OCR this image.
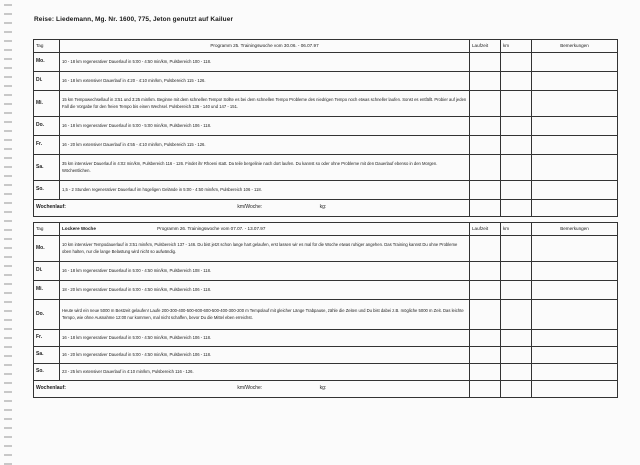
Reise: Liedemann, Mg. Nr. 1600, 775, Jeton genutzt auf Kailuer
Tag	Programm 25. Trainingswoche vom 30.06. - 06.07.97	Laufzeit	km	Bemerkungen
Mo.	10 - 18 km regenerativer Dauerlauf in 5:00 - 4:50 min/km, Pulsbereich 100 - 118.			
Di.	16 - 18 km extensiver Dauerlauf in 4:20 - 4:10 min/km, Pulsbereich 115 - 126.			
Mi.	15 km Tempowechsellauf in 3:51 und 3:25 min/km. Beginne mit dem schnellen Tempo! Sollte es bei dem schnellen Tempo Probleme des niedrigen Tempo noch etwas schneller laufen. Sonst es entfällt. Probier auf jeden Fall die Vorgabe für den freien Tempo bis einen Wechsel. Pulsbereich 136 - 140 und 147 - 151.			
Do.	16 - 18 km regenerativer Dauerlauf in 5:00 - 5:00 min/km, Pulsbereich 106 - 118.			
Fr.	16 - 20 km extensiver Dauerlauf in 4:55 - 4:10 min/km, Pulsbereich 115 - 126.			
Sa.	35 km intensiver Dauerlauf in 4:02 min/km, Pulsbereich 116 - 126. Findet ihr Rhoeni statt. Da teile bergelinie nach dort laufen. Du kannst so oder ohne Probleme mit den Dauerlauf ebenso in den Morgen. Wöchentlichen.			
So.	1,5 - 2 Stunden regenerativer Dauerlauf im hügeligen Gelände in 5:00 - 4:50 min/km, Pulsbereich 106 - 118.			
Wochenlauf: km/Woche: kg:				
Tag	Lockere Woche Programm 26. Trainingswoche vom 07.07. - 13.07.97	Laufzeit	km	Bemerkungen
Mo.	10 km intensiver Tempodauerlauf in 3:51 min/km, Pulsbereich 137 - 146. Du bist jetzt schon lange hart gelaufen, erst lassen wir es mal für die Woche etwas ruhiger angehen. Das Training kannst Du ohne Probleme oben halten, nur die lange Belastung wird nicht so aufwändig.			
Di.	16 - 18 km regenerativer Dauerlauf in 5:00 - 4:50 min/km, Pulsbereich 108 - 118.			
Mi.	18 - 20 km regenerativer Dauerlauf in 5:00 - 4:50 min/km, Pulsbereich 106 - 118.			
Do.	Heute wird ein neue 5000 m Bestzeit gelaufen! Laufe 200-300-400-500-600-600-500-400-300-200 m Tempolauf mit gleicher Länge Trabpause, zähle die Zeiten und Du bist dabei z.B. mögliche 5000 m Zeit. Das leichte Tempo, wie ohne Ausnahme 12:00 nur kommen, mal nicht schaffen, bevor Du die Mittel eben erreichst.			
Fr.	16 - 18 km regenerativer Dauerlauf in 5:00 - 4:50 min/km, Pulsbereich 106 - 118.			
Sa.	16 - 20 km regenerativer Dauerlauf in 5:00 - 4:50 min/km, Pulsbereich 106 - 118.			
So.	23 - 25 km extensiver Dauerlauf in 4:10 min/km, Pulsbereich 116 - 126.			
Wochenlauf: km/Woche: kg:				
